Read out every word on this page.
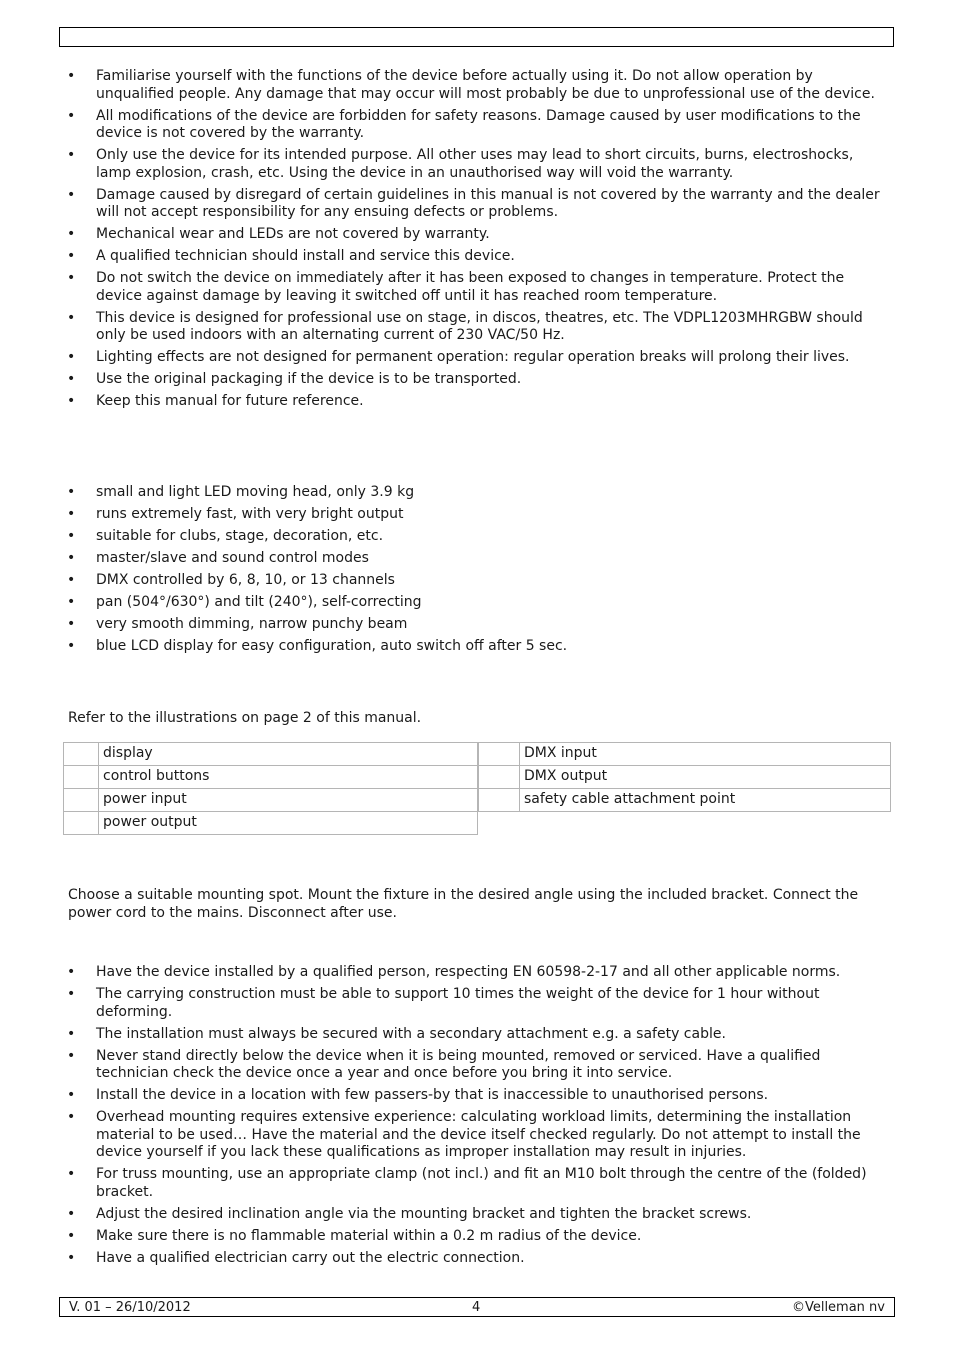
• Familiarise yourself with the functions of the device before actually using it. Do not allow operation by unqualified people. Any damage that may occur will most probably be due to unprofessional use of the device.
• All modifications of the device are forbidden for safety reasons. Damage caused by user modifications to the device is not covered by the warranty.
• Only use the device for its intended purpose. All other uses may lead to short circuits, burns, electroshocks, lamp explosion, crash, etc. Using the device in an unauthorised way will void the warranty.
• Damage caused by disregard of certain guidelines in this manual is not covered by the warranty and the dealer will not accept responsibility for any ensuing defects or problems.
• Mechanical wear and LEDs are not covered by warranty.
• A qualified technician should install and service this device.
• Do not switch the device on immediately after it has been exposed to changes in temperature. Protect the device against damage by leaving it switched off until it has reached room temperature.
• This device is designed for professional use on stage, in discos, theatres, etc. The VDPL1203MHRGBW should only be used indoors with an alternating current of 230 VAC/50 Hz.
• Lighting effects are not designed for permanent operation: regular operation breaks will prolong their lives.
• Use the original packaging if the device is to be transported.
• Keep this manual for future reference.
• small and light LED moving head, only 3.9 kg
• runs extremely fast, with very bright output
• suitable for clubs, stage, decoration, etc.
• master/slave and sound control modes
• DMX controlled by 6, 8, 10, or 13 channels
• pan (504°/630°) and tilt (240°), self-correcting
• very smooth dimming, narrow punchy beam
• blue LCD display for easy configuration, auto switch off after 5 sec.

Refer to the illustrations on page 2 of this manual.

	display
	control buttons
	power input
	power output
	DMX input
	DMX output
	safety cable attachment point

Choose a suitable mounting spot. Mount the fixture in the desired angle using the included bracket. Connect the power cord to the mains. Disconnect after use.

• Have the device installed by a qualified person, respecting EN 60598-2-17 and all other applicable norms.
• The carrying construction must be able to support 10 times the weight of the device for 1 hour without deforming.
• The installation must always be secured with a secondary attachment e.g. a safety cable.
• Never stand directly below the device when it is being mounted, removed or serviced. Have a qualified technician check the device once a year and once before you bring it into service.
• Install the device in a location with few passers-by that is inaccessible to unauthorised persons.
• Overhead mounting requires extensive experience: calculating workload limits, determining the installation material to be used… Have the material and the device itself checked regularly. Do not attempt to install the device yourself if you lack these qualifications as improper installation may result in injuries.
• For truss mounting, use an appropriate clamp (not incl.) and fit an M10 bolt through the centre of the (folded) bracket.
• Adjust the desired inclination angle via the mounting bracket and tighten the bracket screws.
• Make sure there is no flammable material within a 0.2 m radius of the device.
• Have a qualified electrician carry out the electric connection.
V. 01 – 26/10/2012	4	©Velleman nv
